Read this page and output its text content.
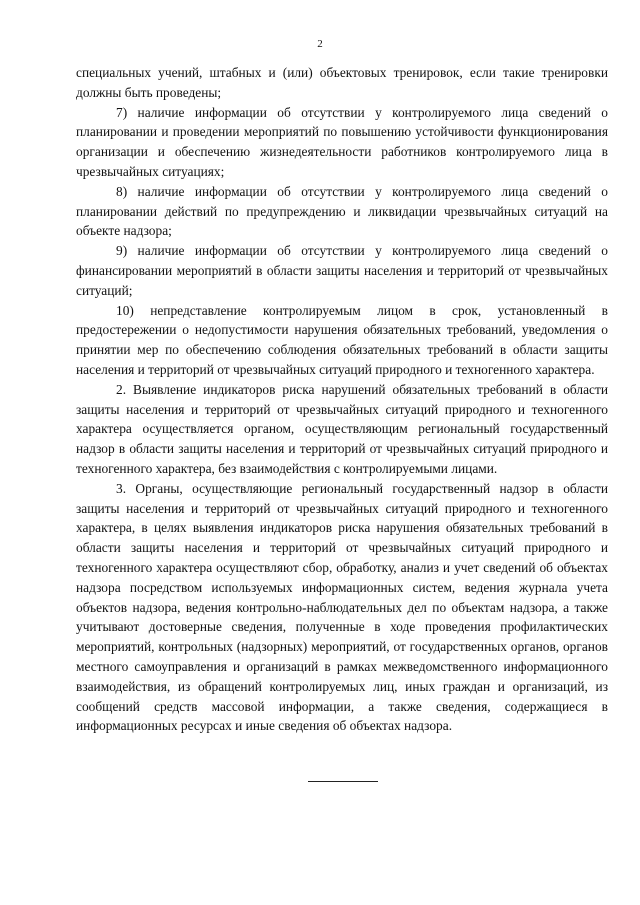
2

специальных учений, штабных и (или) объектовых тренировок, если такие тренировки должны быть проведены;

7) наличие информации об отсутствии у контролируемого лица сведений о планировании и проведении мероприятий по повышению устойчивости функционирования организации и обеспечению жизнедеятельности работников контролируемого лица в чрезвычайных ситуациях;

8) наличие информации об отсутствии у контролируемого лица сведений о планировании действий по предупреждению и ликвидации чрезвычайных ситуаций на объекте надзора;

9) наличие информации об отсутствии у контролируемого лица сведений о финансировании мероприятий в области защиты населения и территорий от чрезвычайных ситуаций;

10) непредставление контролируемым лицом в срок, установленный в предостережении о недопустимости нарушения обязательных требований, уведомления о принятии мер по обеспечению соблюдения обязательных требований в области защиты населения и территорий от чрезвычайных ситуаций природного и техногенного характера.

2. Выявление индикаторов риска нарушений обязательных требований в области защиты населения и территорий от чрезвычайных ситуаций природного и техногенного характера осуществляется органом, осуществляющим региональный государственный надзор в области защиты населения и территорий от чрезвычайных ситуаций природного и техногенного характера, без взаимодействия с контролируемыми лицами.

3. Органы, осуществляющие региональный государственный надзор в области защиты населения и территорий от чрезвычайных ситуаций природного и техногенного характера, в целях выявления индикаторов риска нарушения обязательных требований в области защиты населения и территорий от чрезвычайных ситуаций природного и техногенного характера осуществляют сбор, обработку, анализ и учет сведений об объектах надзора посредством используемых информационных систем, ведения журнала учета объектов надзора, ведения контрольно-наблюдательных дел по объектам надзора, а также учитывают достоверные сведения, полученные в ходе проведения профилактических мероприятий, контрольных (надзорных) мероприятий, от государственных органов, органов местного самоуправления и организаций в рамках межведомственного информационного взаимодействия, из обращений контролируемых лиц, иных граждан и организаций, из сообщений средств массовой информации, а также сведения, содержащиеся в информационных ресурсах и иные сведения об объектах надзора.
